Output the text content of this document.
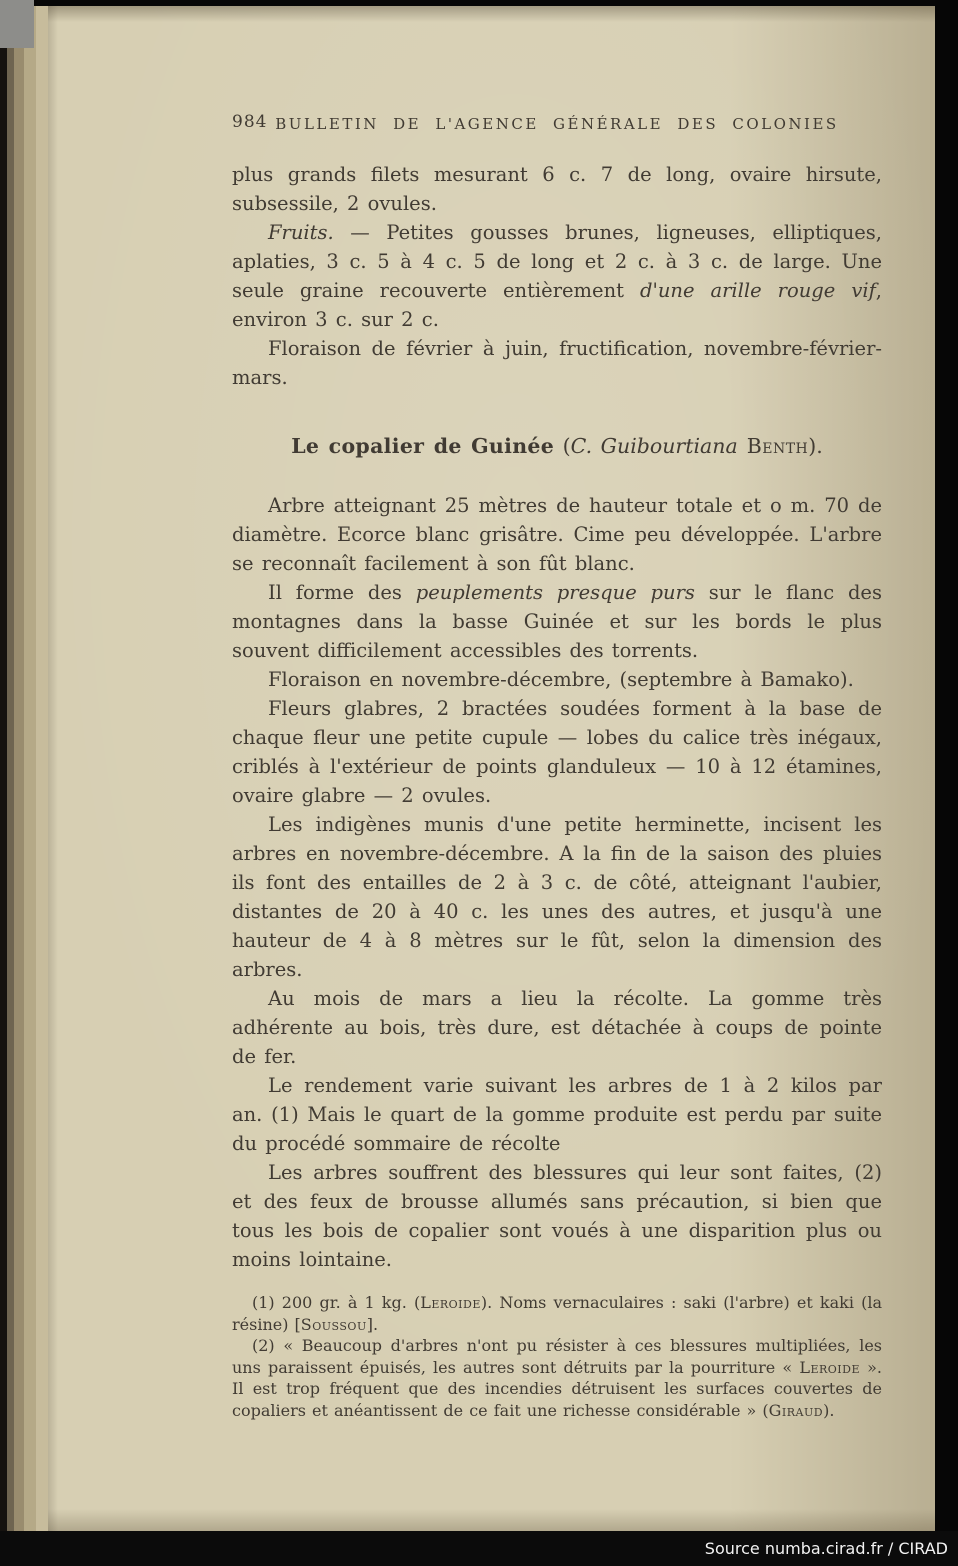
984 BULLETIN DE L'AGENCE GÉNÉRALE DES COLONIES

plus grands filets mesurant 6 c. 7 de long, ovaire hirsute, subsessile, 2 ovules.

Fruits. — Petites gousses brunes, ligneuses, elliptiques, aplaties, 3 c. 5 à 4 c. 5 de long et 2 c. à 3 c. de large. Une seule graine recouverte entièrement d'une arille rouge vif, environ 3 c. sur 2 c.

Floraison de février à juin, fructification, novembre-février-mars.

Le copalier de Guinée (C. Guibourtiana Benth).

Arbre atteignant 25 mètres de hauteur totale et o m. 70 de diamètre. Ecorce blanc grisâtre. Cime peu développée. L'arbre se reconnaît facilement à son fût blanc.

Il forme des peuplements presque purs sur le flanc des montagnes dans la basse Guinée et sur les bords le plus souvent difficilement accessibles des torrents.

Floraison en novembre-décembre, (septembre à Bamako).

Fleurs glabres, 2 bractées soudées forment à la base de chaque fleur une petite cupule — lobes du calice très inégaux, criblés à l'extérieur de points glanduleux — 10 à 12 étamines, ovaire glabre — 2 ovules.

Les indigènes munis d'une petite herminette, incisent les arbres en novembre-décembre. A la fin de la saison des pluies ils font des entailles de 2 à 3 c. de côté, atteignant l'aubier, distantes de 20 à 40 c. les unes des autres, et jusqu'à une hauteur de 4 à 8 mètres sur le fût, selon la dimension des arbres.

Au mois de mars a lieu la récolte. La gomme très adhérente au bois, très dure, est détachée à coups de pointe de fer.

Le rendement varie suivant les arbres de 1 à 2 kilos par an. (1) Mais le quart de la gomme produite est perdu par suite du procédé sommaire de récolte

Les arbres souffrent des blessures qui leur sont faites, (2) et des feux de brousse allumés sans précaution, si bien que tous les bois de copalier sont voués à une disparition plus ou moins lointaine.

(1) 200 gr. à 1 kg. (Leroide). Noms vernaculaires : saki (l'arbre) et kaki (la résine) [Soussou].

(2) « Beaucoup d'arbres n'ont pu résister à ces blessures multipliées, les uns paraissent épuisés, les autres sont détruits par la pourriture « Leroide ». Il est trop fréquent que des incendies détruisent les surfaces couvertes de copaliers et anéantissent de ce fait une richesse considérable » (Giraud).

Source numba.cirad.fr / CIRAD
